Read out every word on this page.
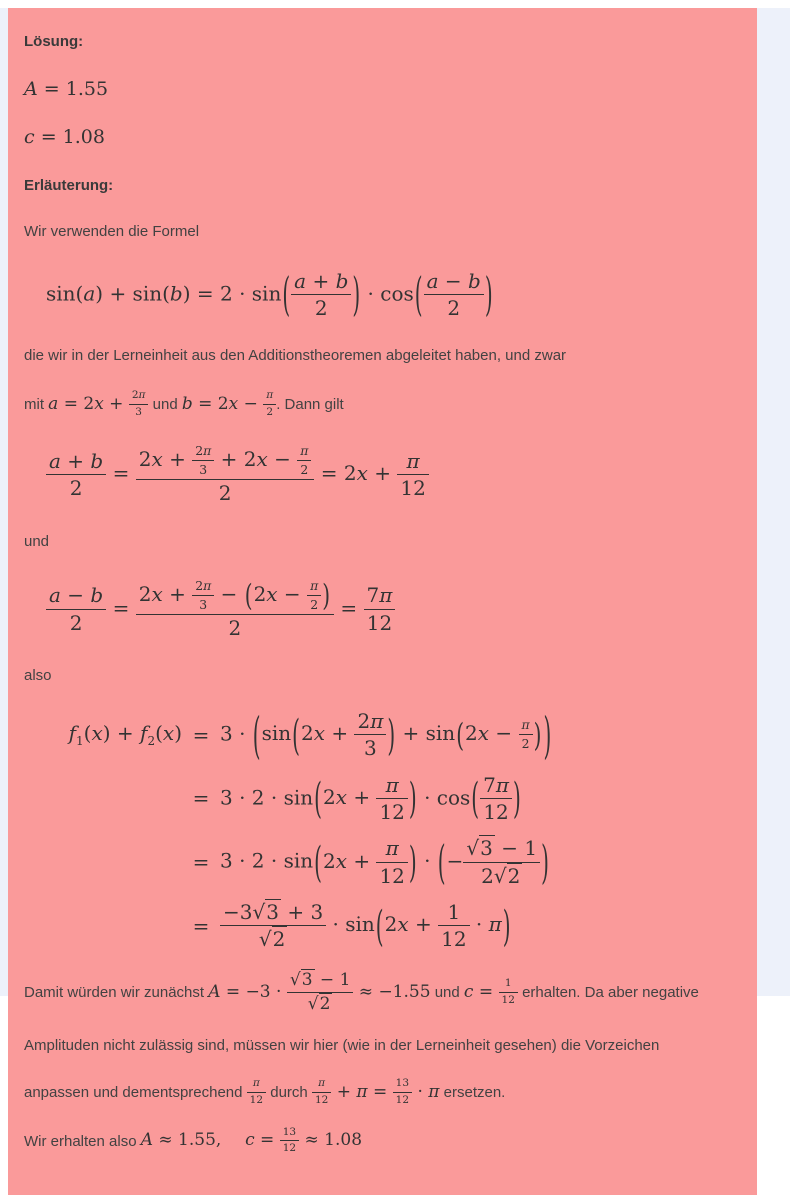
Lösung:
A = 1.55
c = 1.08
Erläuterung:
Wir verwenden die Formel
$\sin(a) + \sin(b) = 2 \cdot \sin( \frac{a + b}{2}$ ) · $\cos( \frac{a - b}{2}$ )
die wir in der Lerneinheit aus den Additionstheoremen abgeleitet haben, und zwar
mit $a = 2x + \frac{2\pi}{3}$ und $b = 2x - \frac{\pi}{2}$ . Dann gilt
$\frac{a + b}{2} = \frac{2x + \frac{2\pi}{3} + 2x - \frac{\pi}{2}}{2} = 2x + \frac{\pi}{12}$
und
$\frac{a - b}{2} = \frac{2x + \frac{2\pi}{3} - (2x - \frac{\pi}{2} )}{2} = \frac{7\pi}{12}$
also
$f_1(x) + f_2(x) = 3 \cdot (\sin(2x + \frac{2\pi}{3}$ ) + $\sin(2x - \frac{\pi}{2}$ ) )
= $3 \cdot 2 \cdot \sin(2x + \frac{\pi}{12}$ ) · $\cos( \frac{7\pi}{12}$ )
= $3 \cdot 2 \cdot \sin(2x + \frac{\pi}{12}$ ) · (− $\frac{√3 - 1}{2√2}$ )
= $\frac{-3√3 + 3}{√2} \cdot \sin(2x + \frac{1}{12} \cdot \pi)$
Damit würden wir zunächst $A = -3 \cdot \frac{√3 - 1}{√2} \approx -1.55$ und $c = \frac{1}{12}$ erhalten. Da aber negative
Amplituden nicht zulässig sind, müssen wir hier (wie in der Lerneinheit gesehen) die Vorzeichen
anpassen und dementsprechend $\frac{\pi}{12}$ durch $\frac{\pi}{12} + \pi = \frac{13}{12} \cdot \pi$ ersetzen.
Wir erhalten also A ≈ 1.55, $c = \frac{13}{12} \approx 1.08$
